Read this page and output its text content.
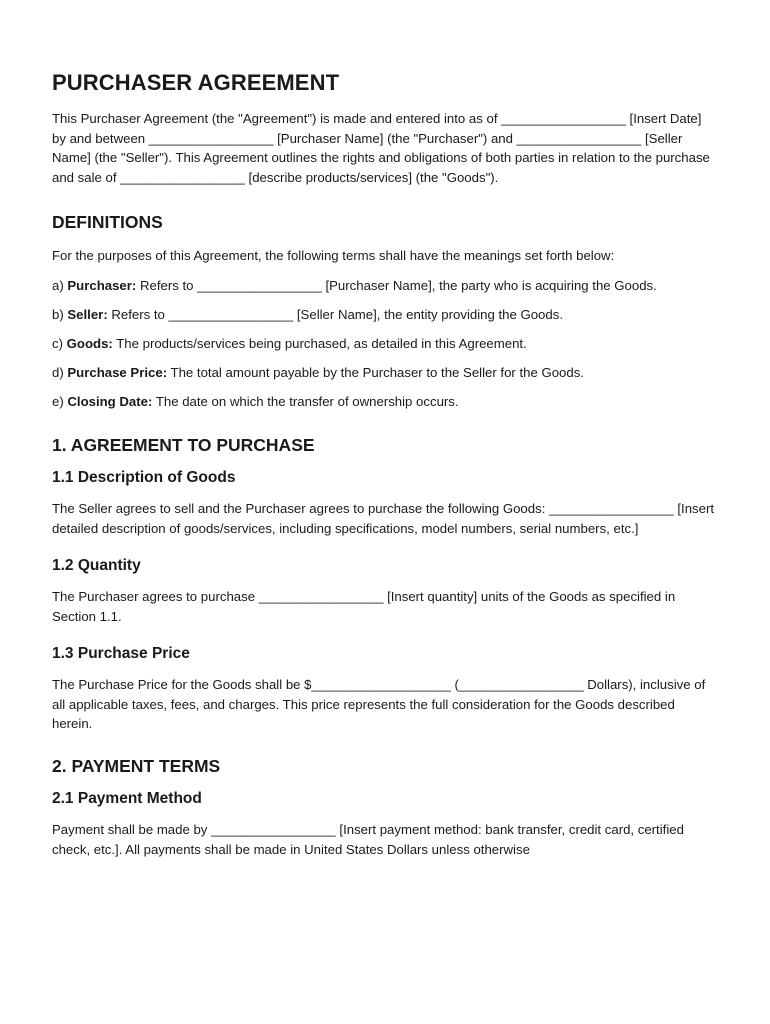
PURCHASER AGREEMENT

This Purchaser Agreement (the "Agreement") is made and entered into as of _________________ [Insert Date] by and between _________________ [Purchaser Name] (the "Purchaser") and _________________ [Seller Name] (the "Seller"). This Agreement outlines the rights and obligations of both parties in relation to the purchase and sale of _________________ [describe products/services] (the "Goods").

DEFINITIONS

For the purposes of this Agreement, the following terms shall have the meanings set forth below:

a) Purchaser: Refers to _________________ [Purchaser Name], the party who is acquiring the Goods.
b) Seller: Refers to _________________ [Seller Name], the entity providing the Goods.
c) Goods: The products/services being purchased, as detailed in this Agreement.
d) Purchase Price: The total amount payable by the Purchaser to the Seller for the Goods.
e) Closing Date: The date on which the transfer of ownership occurs.
1. AGREEMENT TO PURCHASE
1.1 Description of Goods

The Seller agrees to sell and the Purchaser agrees to purchase the following Goods: _________________ [Insert detailed description of goods/services, including specifications, model numbers, serial numbers, etc.]

1.2 Quantity

The Purchaser agrees to purchase _________________ [Insert quantity] units of the Goods as specified in Section 1.1.

1.3 Purchase Price

The Purchase Price for the Goods shall be $___________________ (_________________ Dollars), inclusive of all applicable taxes, fees, and charges. This price represents the full consideration for the Goods described herein.

2. PAYMENT TERMS
2.1 Payment Method

Payment shall be made by _________________ [Insert payment method: bank transfer, credit card, certified check, etc.]. All payments shall be made in United States Dollars unless otherwise
